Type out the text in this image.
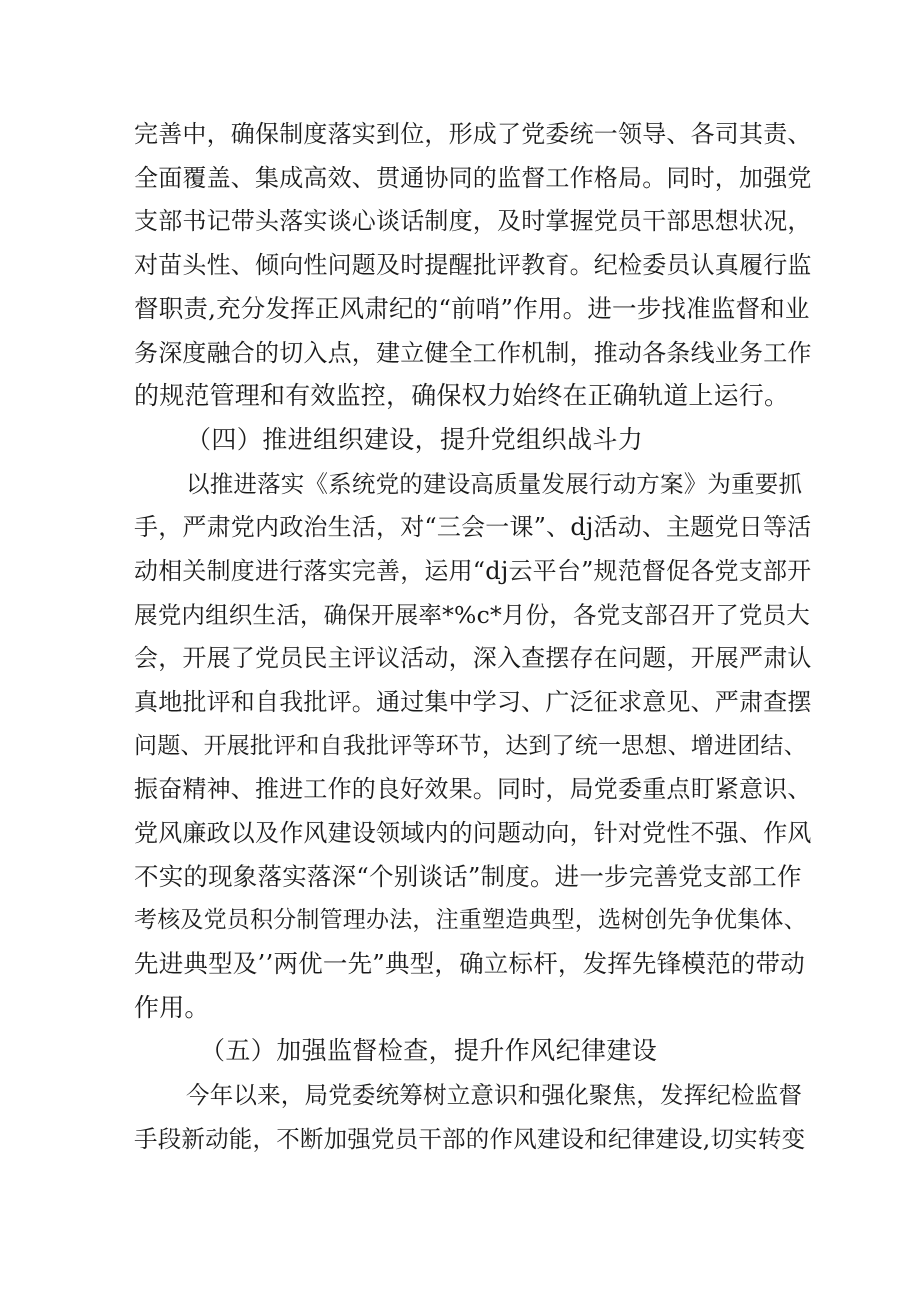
完善中，确保制度落实到位，形成了党委统一领导、各司其责、
全面覆盖、集成高效、贯通协同的监督工作格局。同时，加强党
支部书记带头落实谈心谈话制度，及时掌握党员干部思想状况，
对苗头性、倾向性问题及时提醒批评教育。纪检委员认真履行监
督职责,充分发挥正风肃纪的“前哨”作用。进一步找准监督和业
务深度融合的切入点，建立健全工作机制，推动各条线业务工作
的规范管理和有效监控，确保权力始终在正确轨道上运行。
（四）推进组织建设，提升党组织战斗力
以推进落实《系统党的建设高质量发展行动方案》为重要抓
手，严肃党内政治生活，对“三会一课”、dj活动、主题党日等活
动相关制度进行落实完善，运用“dj云平台”规范督促各党支部开
展党内组织生活，确保开展率*%c*月份，各党支部召开了党员大
会，开展了党员民主评议活动，深入查摆存在问题，开展严肃认
真地批评和自我批评。通过集中学习、广泛征求意见、严肃查摆
问题、开展批评和自我批评等环节，达到了统一思想、增进团结、
振奋精神、推进工作的良好效果。同时，局党委重点盯紧意识、
党风廉政以及作风建设领域内的问题动向，针对党性不强、作风
不实的现象落实落深“个别谈话”制度。进一步完善党支部工作
考核及党员积分制管理办法，注重塑造典型，选树创先争优集体、
先进典型及’’两优一先”典型，确立标杆，发挥先锋模范的带动
作用。
（五）加强监督检查，提升作风纪律建设
今年以来，局党委统筹树立意识和强化聚焦，发挥纪检监督
手段新动能，不断加强党员干部的作风建设和纪律建设,切实转变
